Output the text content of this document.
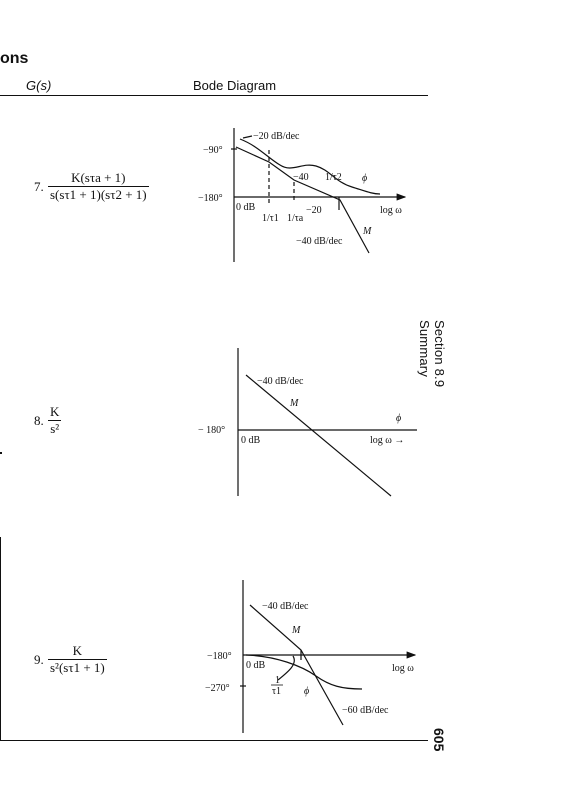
ons
G(s)	Bode Diagram
Section 8.9 Summary
605
7. $\frac{\text{K(sτa + 1)}}{s(s\tau 1 + 1)(s\tau 2 + 1)}$
8. $\frac{K}{\text{s²}}$
9. $\frac{K}{\text{s²(sτ1 + 1)}}$
−90°
−180°
−20 dB/dec
−40 1/τ2 ϕ
0 dB
1/τ1 1/τa
−20	log ω
M
−40 dB/dec
−40 dB/dec
M
ϕ
− 180°
0 dB	log ω →
−40 dB/dec
M
−180°
0 dB	log ω
−270°
1
τ1 ϕ
−60 dB/dec
